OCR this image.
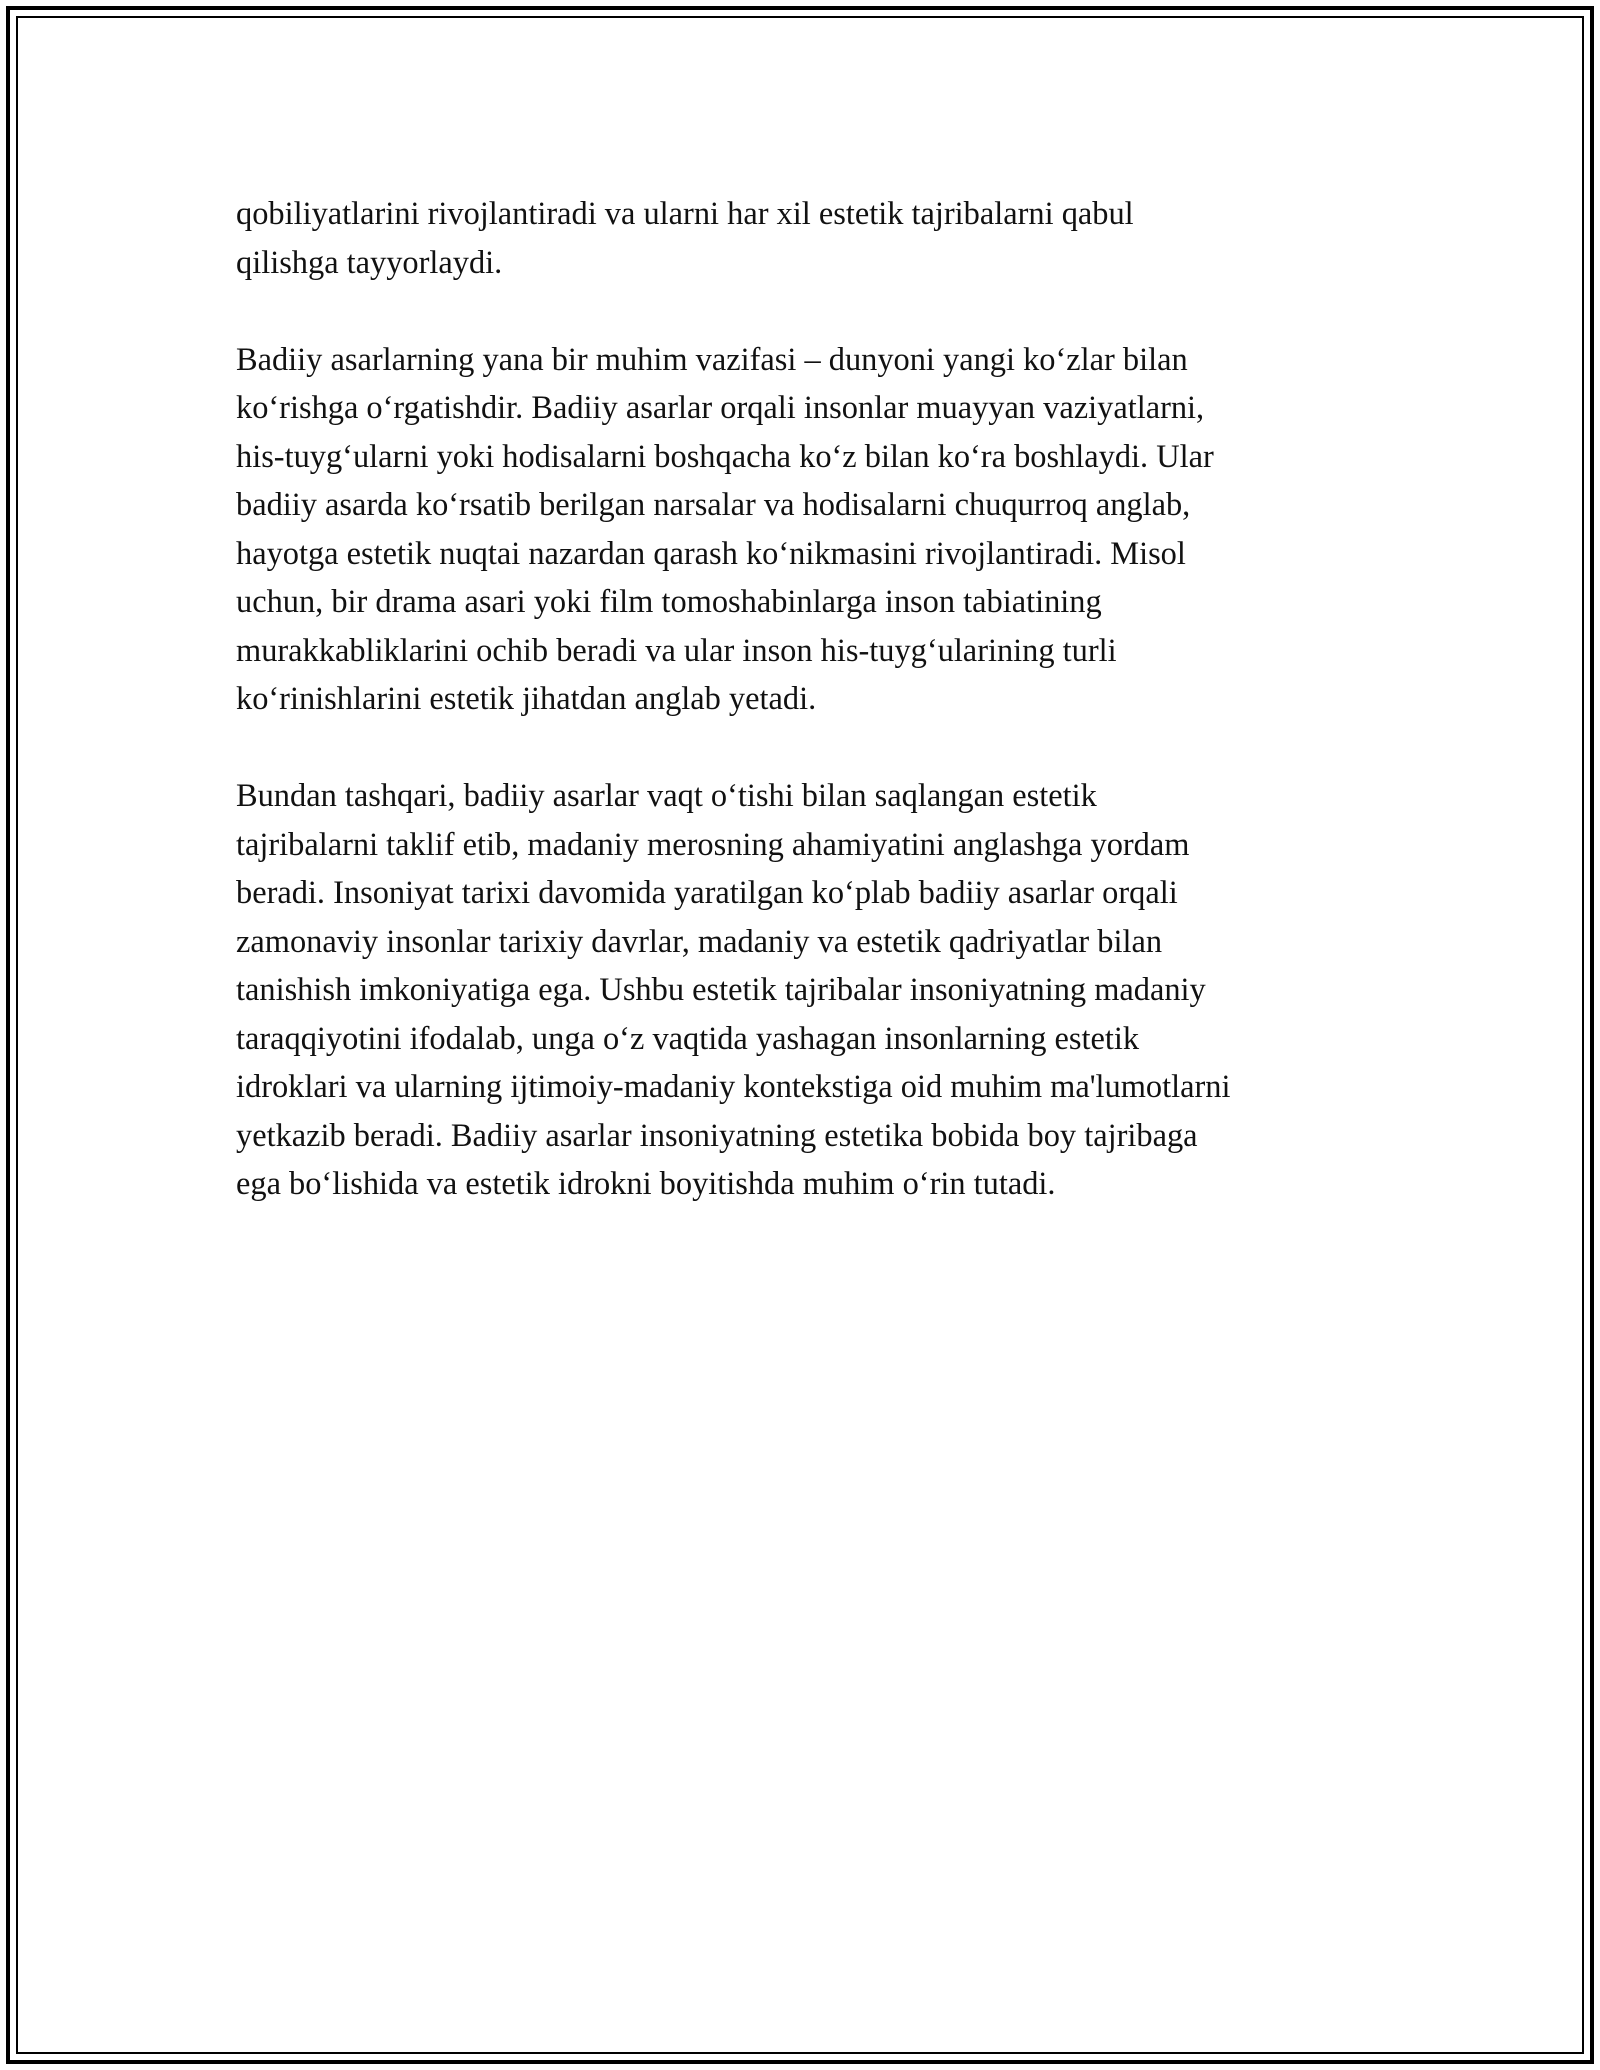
qobiliyatlarini rivojlantiradi va ularni har xil estetik tajribalarni qabul
qilishga tayyorlaydi.

Badiiy asarlarning yana bir muhim vazifasi – dunyoni yangi ko‘zlar bilan
ko‘rishga o‘rgatishdir. Badiiy asarlar orqali insonlar muayyan vaziyatlarni,
his-tuyg‘ularni yoki hodisalarni boshqacha ko‘z bilan ko‘ra boshlaydi. Ular
badiiy asarda ko‘rsatib berilgan narsalar va hodisalarni chuqurroq anglab,
hayotga estetik nuqtai nazardan qarash ko‘nikmasini rivojlantiradi. Misol
uchun, bir drama asari yoki film tomoshabinlarga inson tabiatining
murakkabliklarini ochib beradi va ular inson his-tuyg‘ularining turli
ko‘rinishlarini estetik jihatdan anglab yetadi.

Bundan tashqari, badiiy asarlar vaqt o‘tishi bilan saqlangan estetik
tajribalarni taklif etib, madaniy merosning ahamiyatini anglashga yordam
beradi. Insoniyat tarixi davomida yaratilgan ko‘plab badiiy asarlar orqali
zamonaviy insonlar tarixiy davrlar, madaniy va estetik qadriyatlar bilan
tanishish imkoniyatiga ega. Ushbu estetik tajribalar insoniyatning madaniy
taraqqiyotini ifodalab, unga o‘z vaqtida yashagan insonlarning estetik
idroklari va ularning ijtimoiy-madaniy kontekstiga oid muhim ma'lumotlarni
yetkazib beradi. Badiiy asarlar insoniyatning estetika bobida boy tajribaga
ega bo‘lishida va estetik idrokni boyitishda muhim o‘rin tutadi.
